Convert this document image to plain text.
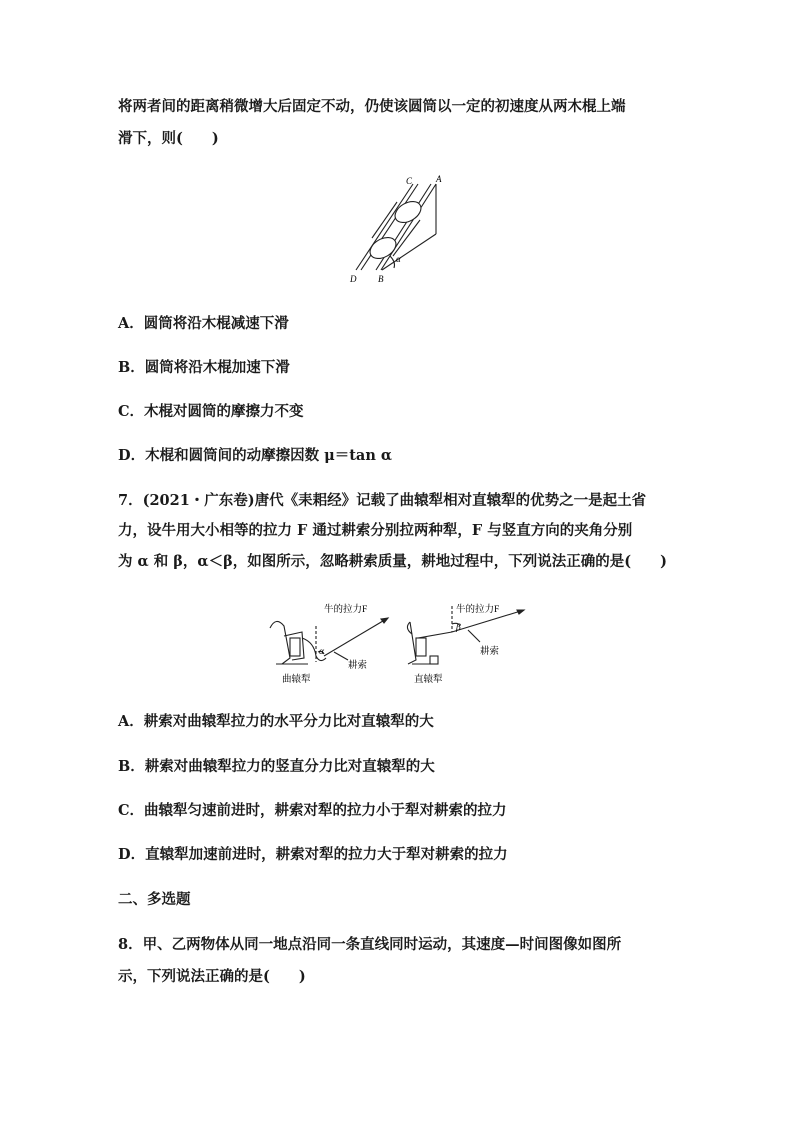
将两者间的距离稍微增大后固定不动，仍使该圆筒以一定的初速度从两木棍上端
滑下，则(　　)
C	A
D B
α
A．圆筒将沿木棍减速下滑
B．圆筒将沿木棍加速下滑
C．木棍对圆筒的摩擦力不变
D．木棍和圆筒间的动摩擦因数 μ＝tan α
7．(2021・广东卷)唐代《耒耜经》记载了曲辕犁相对直辕犁的优势之一是起土省
力，设牛用大小相等的拉力 F 通过耕索分别拉两种犁，F 与竖直方向的夹角分别
为 α 和 β，α＜β，如图所示，忽略耕索质量，耕地过程中，下列说法正确的是(　　)
牛的拉力F
α
耕索
曲辕犁
牛的拉力F
β
耕索
直辕犁
A．耕索对曲辕犁拉力的水平分力比对直辕犁的大
B．耕索对曲辕犁拉力的竖直分力比对直辕犁的大
C．曲辕犁匀速前进时，耕索对犁的拉力小于犁对耕索的拉力
D．直辕犁加速前进时，耕索对犁的拉力大于犁对耕索的拉力
二、多选题
8．甲、乙两物体从同一地点沿同一条直线同时运动，其速度—时间图像如图所
示，下列说法正确的是(　　)
